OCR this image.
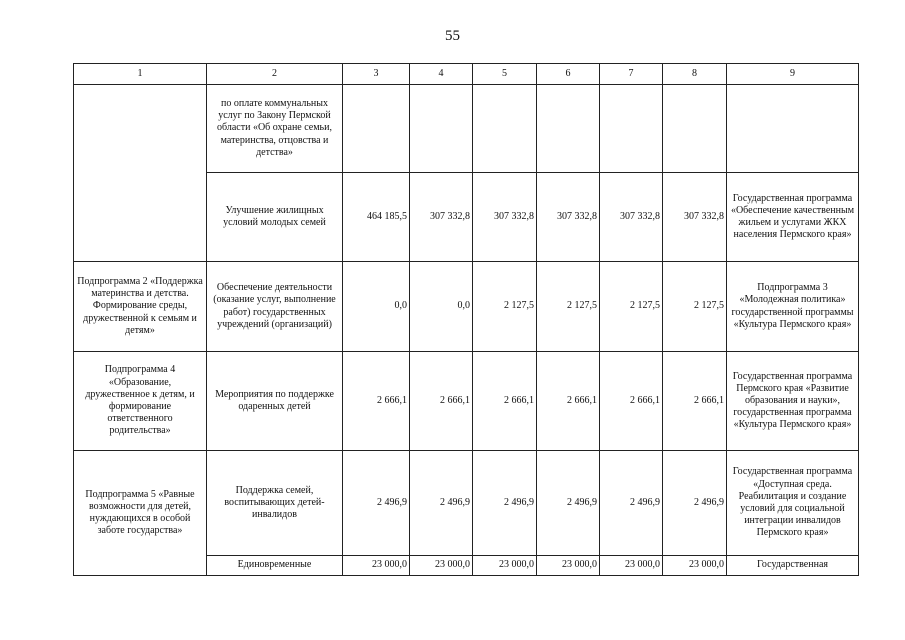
55
1	2	3	4	5	6	7	8	9
	по оплате коммунальных услуг по Закону Пермской области «Об охране семьи, материнства, отцовства и детства»							
	Улучшение жилищных условий молодых семей	464 185,5	307 332,8	307 332,8	307 332,8	307 332,8	307 332,8	Государственная программа «Обеспечение качественным жильем и услугами ЖКХ населения Пермского края»
Подпрограмма 2 «Поддержка материнства и детства. Формирование среды, дружественной к семьям и детям»	Обеспечение деятельности (оказание услуг, выполнение работ) государственных учреждений (организаций)	0,0	0,0	2 127,5	2 127,5	2 127,5	2 127,5	Подпрограмма 3 «Молодежная политика» государственной программы «Культура Пермского края»
Подпрограмма 4 «Образование, дружественное к детям, и формирование ответственного родительства»	Мероприятия по поддержке одаренных детей	2 666,1	2 666,1	2 666,1	2 666,1	2 666,1	2 666,1	Государственная программа Пермского края «Развитие образования и науки», государственная программа «Культура Пермского края»
Подпрограмма 5 «Равные возможности для детей, нуждающихся в особой заботе государства»	Поддержка семей, воспитывающих детей-инвалидов	2 496,9	2 496,9	2 496,9	2 496,9	2 496,9	2 496,9	Государственная программа «Доступная среда. Реабилитация и создание условий для социальной интеграции инвалидов Пермского края»
	Единовременные	23 000,0	23 000,0	23 000,0	23 000,0	23 000,0	23 000,0	Государственная
